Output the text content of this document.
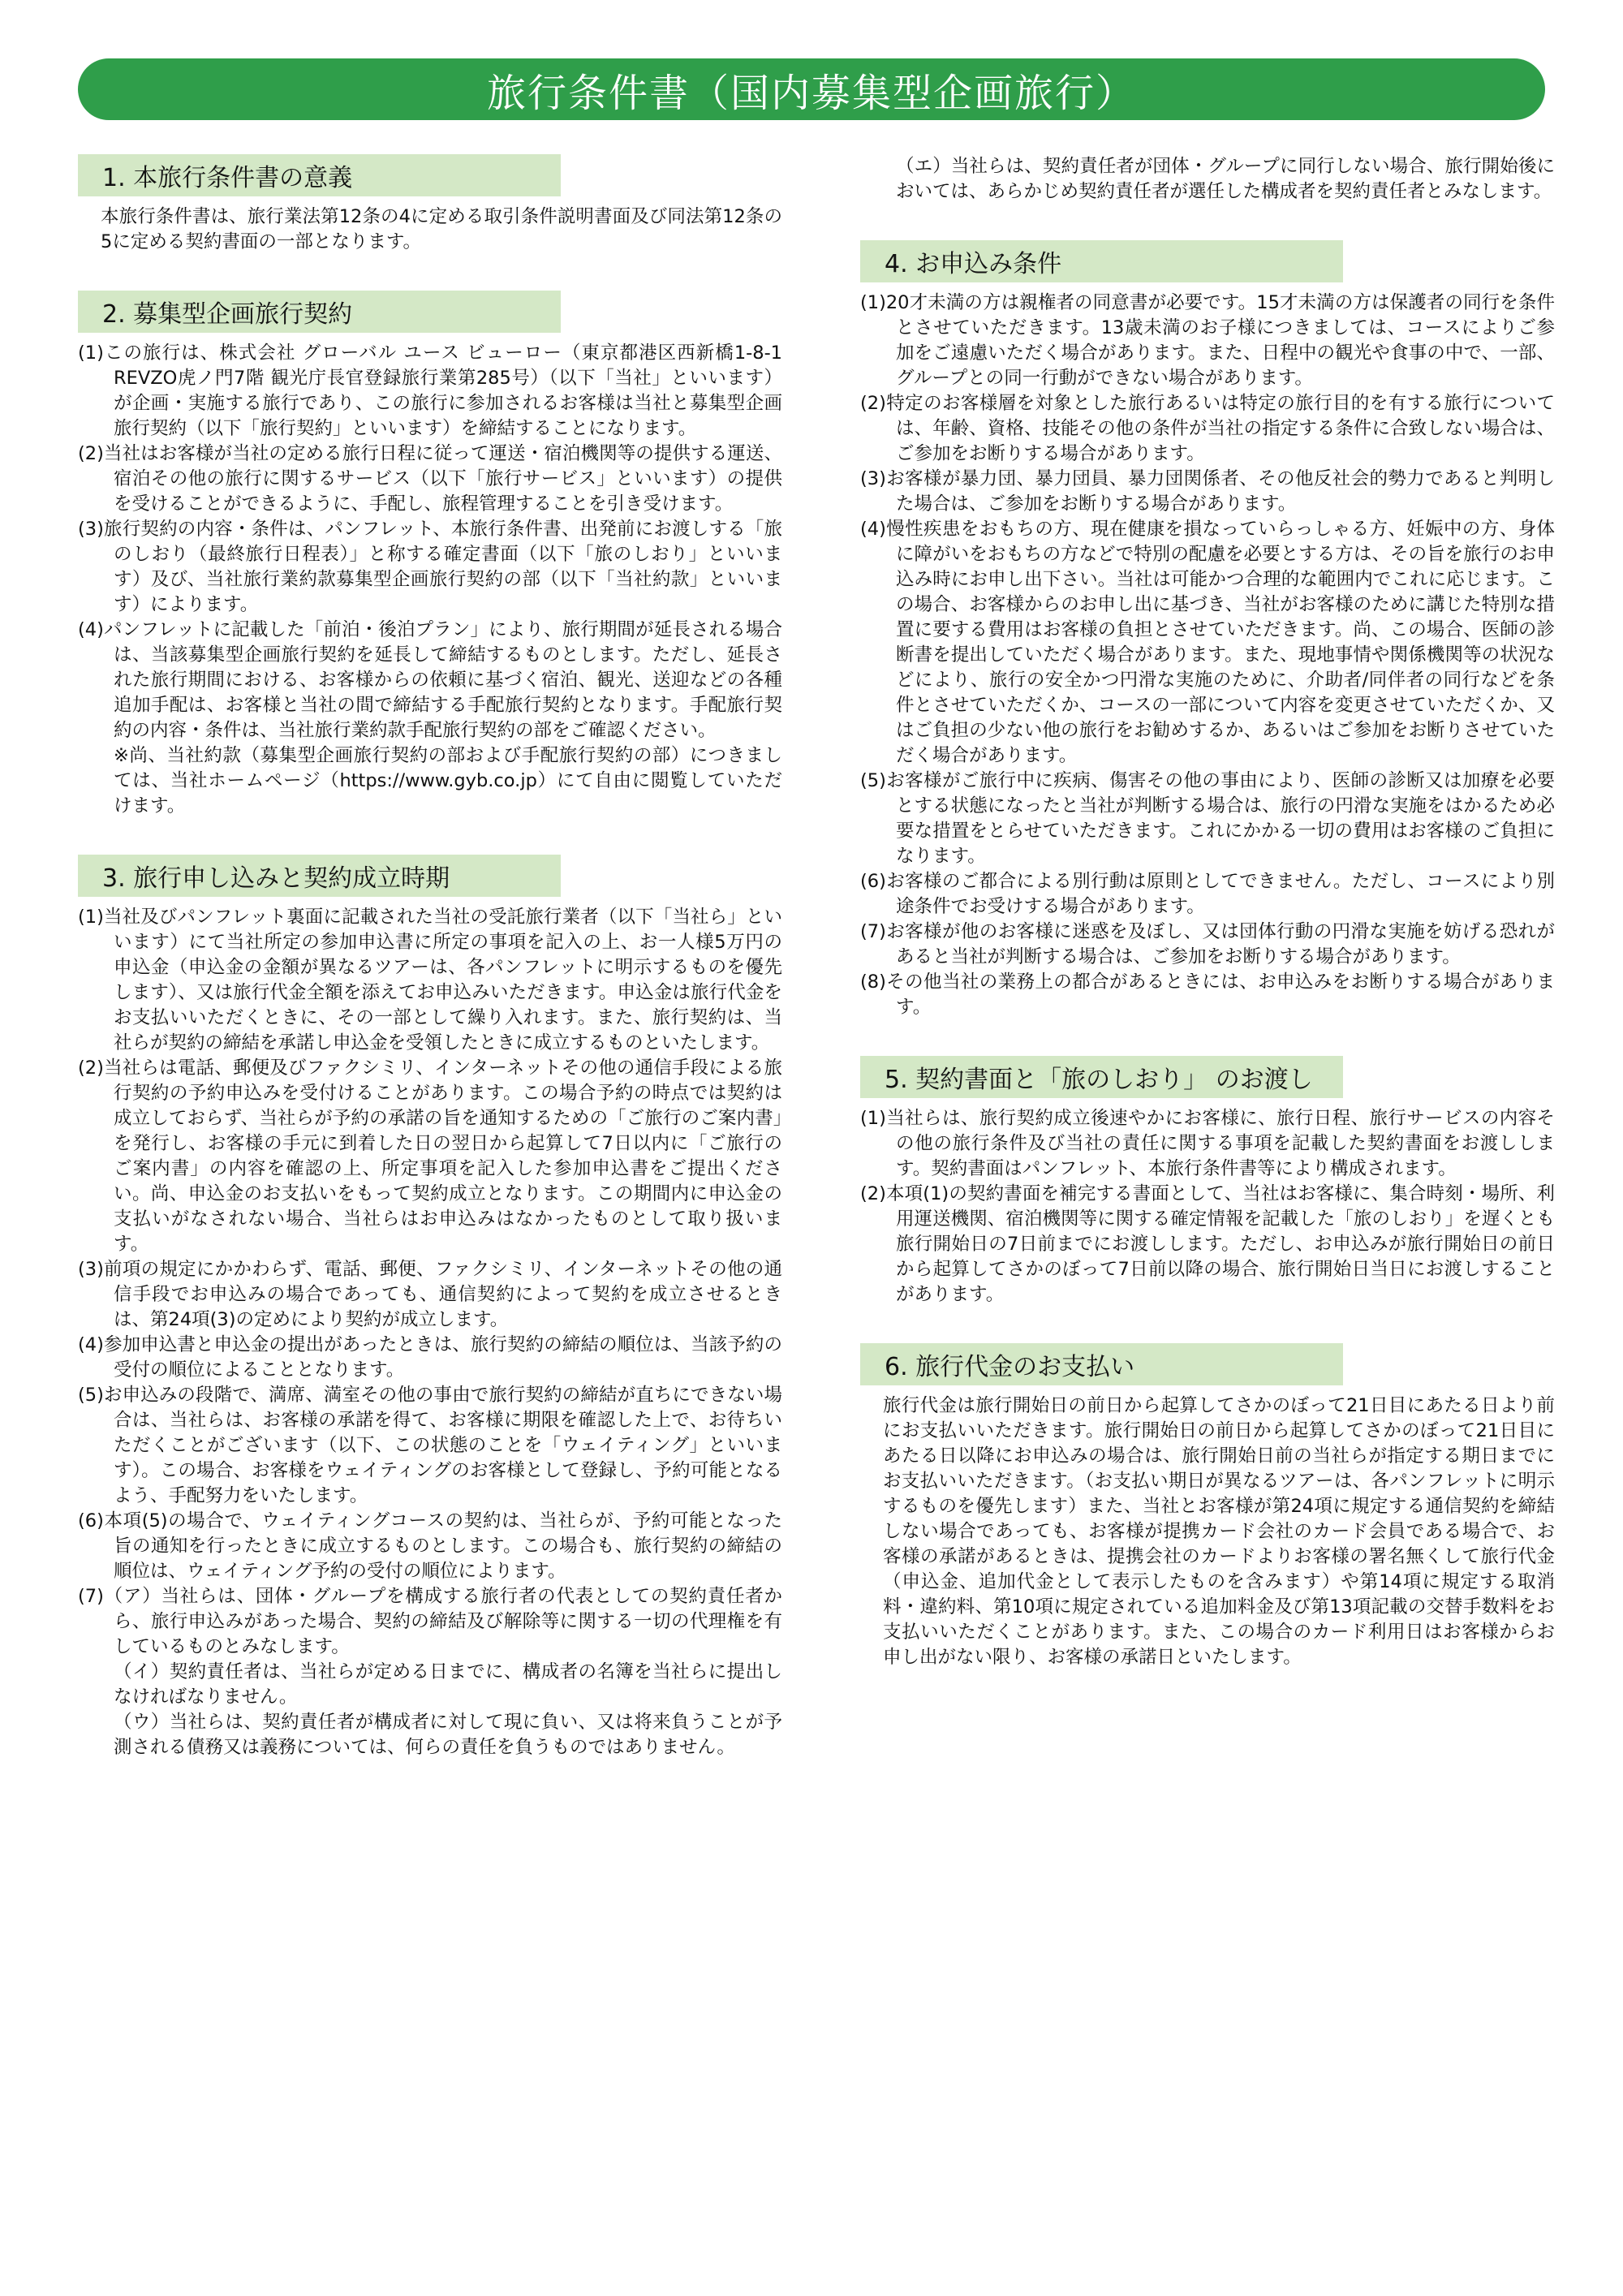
旅行条件書（国内募集型企画旅行）
1. 本旅行条件書の意義

本旅行条件書は、旅行業法第12条の4に定める取引条件説明書面及び同法第12条の5に定める契約書面の一部となります。

2. 募集型企画旅行契約

(1)この旅行は、株式会社 グローバル ユース ビューロー（東京都港区西新橋1-8-1 REVZO虎ノ門7階 観光庁長官登録旅行業第285号）（以下「当社」といいます）が企画・実施する旅行であり、この旅行に参加されるお客様は当社と募集型企画旅行契約（以下「旅行契約」といいます）を締結することになります。

(2)当社はお客様が当社の定める旅行日程に従って運送・宿泊機関等の提供する運送、宿泊その他の旅行に関するサービス（以下「旅行サービス」といいます）の提供を受けることができるように、手配し、旅程管理することを引き受けます。

(3)旅行契約の内容・条件は、パンフレット、本旅行条件書、出発前にお渡しする「旅のしおり（最終旅行日程表）」と称する確定書面（以下「旅のしおり」といいます）及び、当社旅行業約款募集型企画旅行契約の部（以下「当社約款」といいます）によります。

(4)パンフレットに記載した「前泊・後泊プラン」により、旅行期間が延長される場合は、当該募集型企画旅行契約を延長して締結するものとします。ただし、延長された旅行期間における、お客様からの依頼に基づく宿泊、観光、送迎などの各種追加手配は、お客様と当社の間で締結する手配旅行契約となります。手配旅行契約の内容・条件は、当社旅行業約款手配旅行契約の部をご確認ください。

※尚、当社約款（募集型企画旅行契約の部および手配旅行契約の部）につきましては、当社ホームページ（https://www.gyb.co.jp）にて自由に閲覧していただけます。

3. 旅行申し込みと契約成立時期

(1)当社及びパンフレット裏面に記載された当社の受託旅行業者（以下「当社ら」といいます）にて当社所定の参加申込書に所定の事項を記入の上、お一人様5万円の申込金（申込金の金額が異なるツアーは、各パンフレットに明示するものを優先します）、又は旅行代金全額を添えてお申込みいただきます。申込金は旅行代金をお支払いいただくときに、その一部として繰り入れます。また、旅行契約は、当社らが契約の締結を承諾し申込金を受領したときに成立するものといたします。

(2)当社らは電話、郵便及びファクシミリ、インターネットその他の通信手段による旅行契約の予約申込みを受付けることがあります。この場合予約の時点では契約は成立しておらず、当社らが予約の承諾の旨を通知するための「ご旅行のご案内書」を発行し、お客様の手元に到着した日の翌日から起算して7日以内に「ご旅行のご案内書」の内容を確認の上、所定事項を記入した参加申込書をご提出ください。尚、申込金のお支払いをもって契約成立となります。この期間内に申込金の支払いがなされない場合、当社らはお申込みはなかったものとして取り扱います。

(3)前項の規定にかかわらず、電話、郵便、ファクシミリ、インターネットその他の通信手段でお申込みの場合であっても、通信契約によって契約を成立させるときは、第24項(3)の定めにより契約が成立します。

(4)参加申込書と申込金の提出があったときは、旅行契約の締結の順位は、当該予約の受付の順位によることとなります。

(5)お申込みの段階で、満席、満室その他の事由で旅行契約の締結が直ちにできない場合は、当社らは、お客様の承諾を得て、お客様に期限を確認した上で、お待ちいただくことがございます（以下、この状態のことを「ウェイティング」といいます）。この場合、お客様をウェイティングのお客様として登録し、予約可能となるよう、手配努力をいたします。

(6)本項(5)の場合で、ウェイティングコースの契約は、当社らが、予約可能となった旨の通知を行ったときに成立するものとします。この場合も、旅行契約の締結の順位は、ウェイティング予約の受付の順位によります。

(7)（ア）当社らは、団体・グループを構成する旅行者の代表としての契約責任者から、旅行申込みがあった場合、契約の締結及び解除等に関する一切の代理権を有しているものとみなします。

（イ）契約責任者は、当社らが定める日までに、構成者の名簿を当社らに提出しなければなりません。

（ウ）当社らは、契約責任者が構成者に対して現に負い、又は将来負うことが予測される債務又は義務については、何らの責任を負うものではありません。

（エ）当社らは、契約責任者が団体・グループに同行しない場合、旅行開始後においては、あらかじめ契約責任者が選任した構成者を契約責任者とみなします。

4. お申込み条件

(1)20才未満の方は親権者の同意書が必要です。15才未満の方は保護者の同行を条件とさせていただきます。13歳未満のお子様につきましては、コースによりご参加をご遠慮いただく場合があります。また、日程中の観光や食事の中で、一部、グループとの同一行動ができない場合があります。

(2)特定のお客様層を対象とした旅行あるいは特定の旅行目的を有する旅行については、年齢、資格、技能その他の条件が当社の指定する条件に合致しない場合は、ご参加をお断りする場合があります。

(3)お客様が暴力団、暴力団員、暴力団関係者、その他反社会的勢力であると判明した場合は、ご参加をお断りする場合があります。

(4)慢性疾患をおもちの方、現在健康を損なっていらっしゃる方、妊娠中の方、身体に障がいをおもちの方などで特別の配慮を必要とする方は、その旨を旅行のお申込み時にお申し出下さい。当社は可能かつ合理的な範囲内でこれに応じます。この場合、お客様からのお申し出に基づき、当社がお客様のために講じた特別な措置に要する費用はお客様の負担とさせていただきます。尚、この場合、医師の診断書を提出していただく場合があります。また、現地事情や関係機関等の状況などにより、旅行の安全かつ円滑な実施のために、介助者/同伴者の同行などを条件とさせていただくか、コースの一部について内容を変更させていただくか、又はご負担の少ない他の旅行をお勧めするか、あるいはご参加をお断りさせていただく場合があります。

(5)お客様がご旅行中に疾病、傷害その他の事由により、医師の診断又は加療を必要とする状態になったと当社が判断する場合は、旅行の円滑な実施をはかるため必要な措置をとらせていただきます。これにかかる一切の費用はお客様のご負担になります。

(6)お客様のご都合による別行動は原則としてできません。ただし、コースにより別途条件でお受けする場合があります。

(7)お客様が他のお客様に迷惑を及ぼし、又は団体行動の円滑な実施を妨げる恐れがあると当社が判断する場合は、ご参加をお断りする場合があります。

(8)その他当社の業務上の都合があるときには、お申込みをお断りする場合があります。

5. 契約書面と「旅のしおり」 のお渡し

(1)当社らは、旅行契約成立後速やかにお客様に、旅行日程、旅行サービスの内容その他の旅行条件及び当社の責任に関する事項を記載した契約書面をお渡しします。契約書面はパンフレット、本旅行条件書等により構成されます。

(2)本項(1)の契約書面を補完する書面として、当社はお客様に、集合時刻・場所、利用運送機関、宿泊機関等に関する確定情報を記載した「旅のしおり」を遅くとも旅行開始日の7日前までにお渡しします。ただし、お申込みが旅行開始日の前日から起算してさかのぼって7日前以降の場合、旅行開始日当日にお渡しすることがあります。

6. 旅行代金のお支払い

旅行代金は旅行開始日の前日から起算してさかのぼって21日目にあたる日より前にお支払いいただきます。旅行開始日の前日から起算してさかのぼって21日目にあたる日以降にお申込みの場合は、旅行開始日前の当社らが指定する期日までにお支払いいただきます。（お支払い期日が異なるツアーは、各パンフレットに明示するものを優先します）また、当社とお客様が第24項に規定する通信契約を締結しない場合であっても、お客様が提携カード会社のカード会員である場合で、お客様の承諾があるときは、提携会社のカードよりお客様の署名無くして旅行代金（申込金、追加代金として表示したものを含みます）や第14項に規定する取消料・違約料、第10項に規定されている追加料金及び第13項記載の交替手数料をお支払いいただくことがあります。また、この場合のカード利用日はお客様からお申し出がない限り、お客様の承諾日といたします。
